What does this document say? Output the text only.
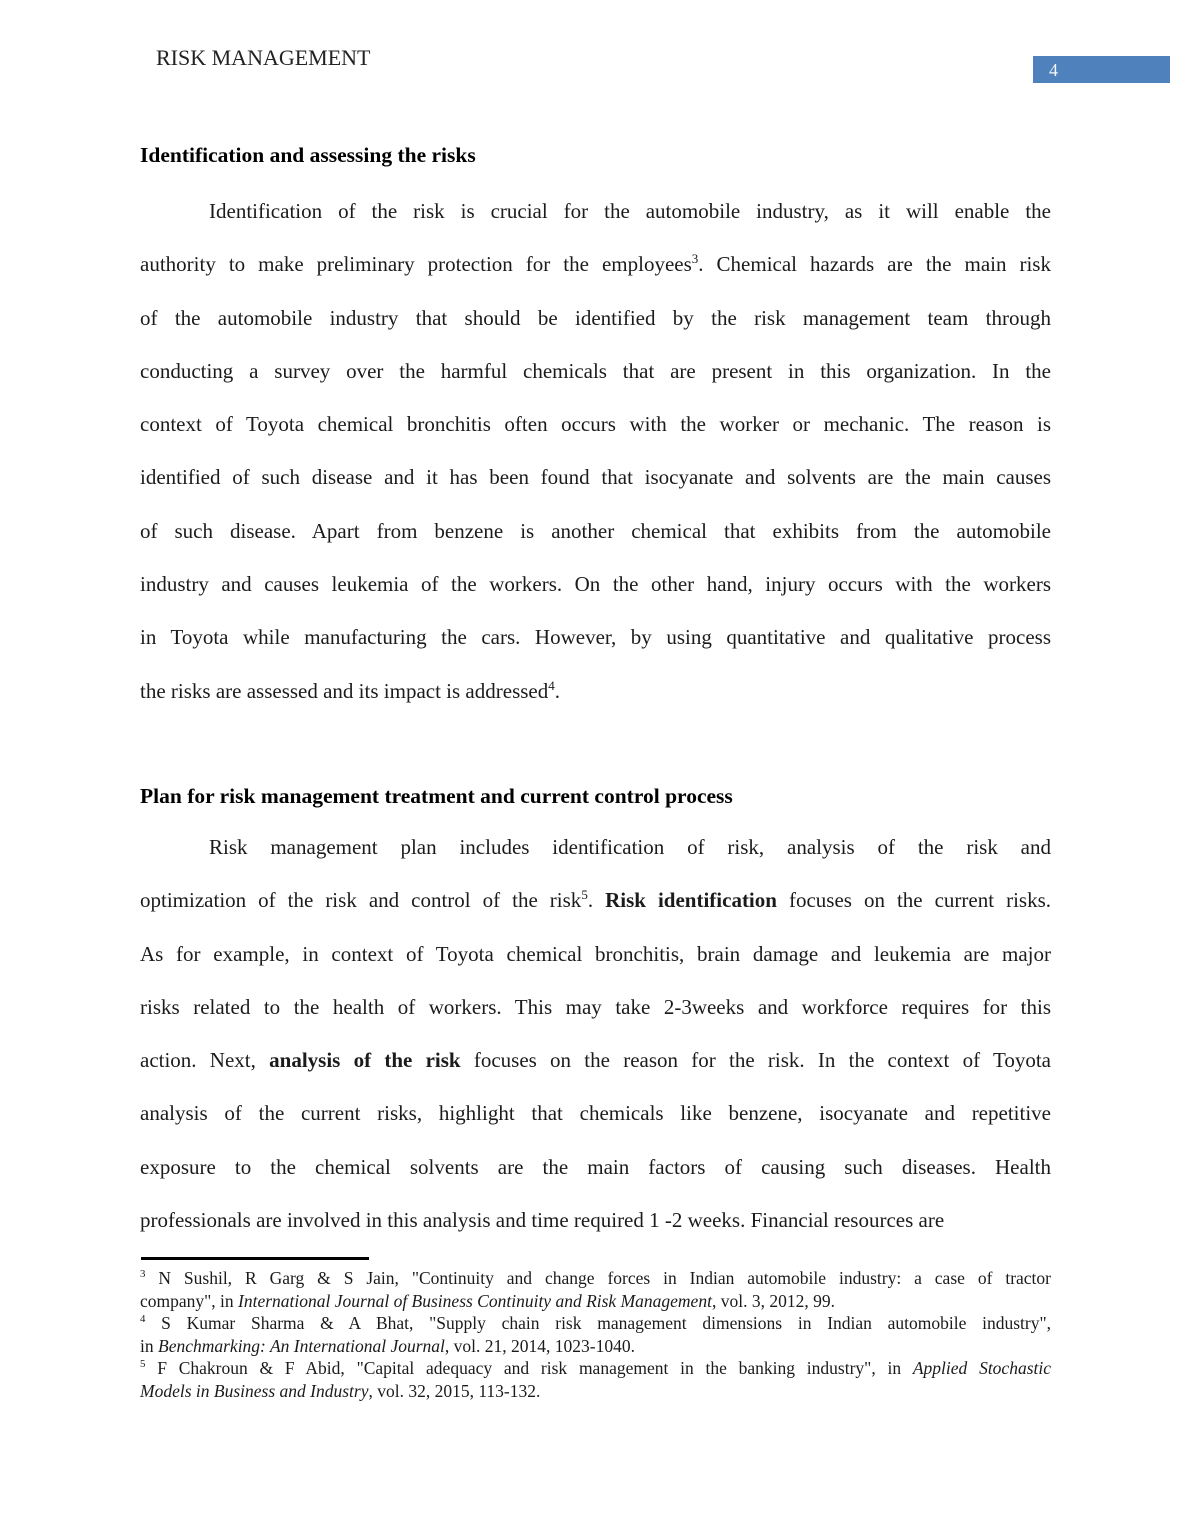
RISK MANAGEMENT	4
Identification and assessing the risks
Identification of the risk is crucial for the automobile industry, as it will enable the
authority to make preliminary protection for the employees$^3$. Chemical hazards are the main risk
of the automobile industry that should be identified by the risk management team through
conducting a survey over the harmful chemicals that are present in this organization. In the
context of Toyota chemical bronchitis often occurs with the worker or mechanic. The reason is
identified of such disease and it has been found that isocyanate and solvents are the main causes
of such disease. Apart from benzene is another chemical that exhibits from the automobile
industry and causes leukemia of the workers. On the other hand, injury occurs with the workers
in Toyota while manufacturing the cars. However, by using quantitative and qualitative process
the risks are assessed and its impact is addressed$^4$.
Plan for risk management treatment and current control process
Risk management plan includes identification of risk, analysis of the risk and
optimization of the risk and control of the risk$^5$. Risk identification focuses on the current risks.
As for example, in context of Toyota chemical bronchitis, brain damage and leukemia are major
risks related to the health of workers. This may take 2-3weeks and workforce requires for this
action. Next, analysis of the risk focuses on the reason for the risk. In the context of Toyota
analysis of the current risks, highlight that chemicals like benzene, isocyanate and repetitive
exposure to the chemical solvents are the main factors of causing such diseases. Health
professionals are involved in this analysis and time required 1 -2 weeks. Financial resources are
$^3$ N Sushil, R Garg & S Jain, "Continuity and change forces in Indian automobile industry: a case of tractor
company", in International Journal of Business Continuity and Risk Management, vol. 3, 2012, 99.
$^4$ S Kumar Sharma & A Bhat, "Supply chain risk management dimensions in Indian automobile industry",
in Benchmarking: An International Journal, vol. 21, 2014, 1023-1040.
$^5$ F Chakroun & F Abid, "Capital adequacy and risk management in the banking industry", in Applied Stochastic
Models in Business and Industry, vol. 32, 2015, 113-132.
